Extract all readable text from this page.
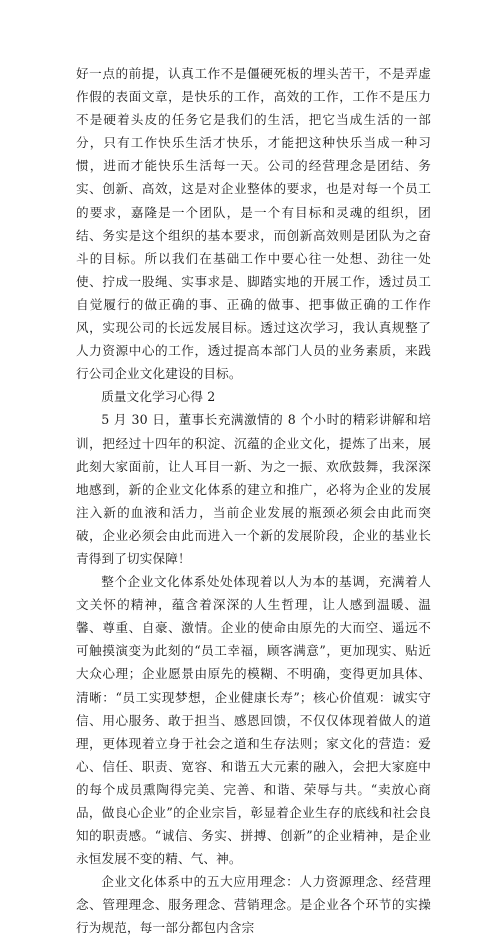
好一点的前提，认真工作不是僵硬死板的埋头苦干，不是弄虚作假的表面文章，是快乐的工作，高效的工作，工作不是压力不是硬着头皮的任务它是我们的生活，把它当成生活的一部分，只有工作快乐生活才快乐，才能把这种快乐当成一种习惯，进而才能快乐生活每一天。公司的经营理念是团结、务实、创新、高效，这是对企业整体的要求，也是对每一个员工的要求，嘉隆是一个团队，是一个有目标和灵魂的组织，团结、务实是这个组织的基本要求，而创新高效则是团队为之奋斗的目标。所以我们在基础工作中要心往一处想、劲往一处使、拧成一股绳、实事求是、脚踏实地的开展工作，透过员工自觉履行的做正确的事、正确的做事、把事做正确的工作作风，实现公司的长远发展目标。透过这次学习，我认真规整了人力资源中心的工作，透过提高本部门人员的业务素质，来践行公司企业文化建设的目标。

质量文化学习心得 2

5 月 30 日，董事长充满激情的 8 个小时的精彩讲解和培训，把经过十四年的积淀、沉蕴的企业文化，提炼了出来，展此刻大家面前，让人耳目一新、为之一振、欢欣鼓舞，我深深地感到，新的企业文化体系的建立和推广，必将为企业的发展注入新的血液和活力，当前企业发展的瓶颈必须会由此而突破，企业必须会由此而进入一个新的发展阶段，企业的基业长青得到了切实保障！

整个企业文化体系处处体现着以人为本的基调，充满着人文关怀的精神，蕴含着深深的人生哲理，让人感到温暖、温馨、尊重、自豪、激情。企业的使命由原先的大而空、遥远不可触摸演变为此刻的“员工幸福，顾客满意”，更加现实、贴近大众心理；企业愿景由原先的模糊、不明确，变得更加具体、清晰：“员工实现梦想，企业健康长寿”；核心价值观：诚实守信、用心服务、敢于担当、感恩回馈，不仅仅体现着做人的道理，更体现着立身于社会之道和生存法则；家文化的营造：爱心、信任、职责、宽容、和谐五大元素的融入，会把大家庭中的每个成员熏陶得完美、完善、和谐、荣辱与共。“卖放心商品，做良心企业”的企业宗旨，彰显着企业生存的底线和社会良知的职责感。“诚信、务实、拼搏、创新”的企业精神，是企业永恒发展不变的精、气、神。

企业文化体系中的五大应用理念：人力资源理念、经营理念、管理理念、服务理念、营销理念。是企业各个环节的实操行为规范，每一部分都包内含宗
